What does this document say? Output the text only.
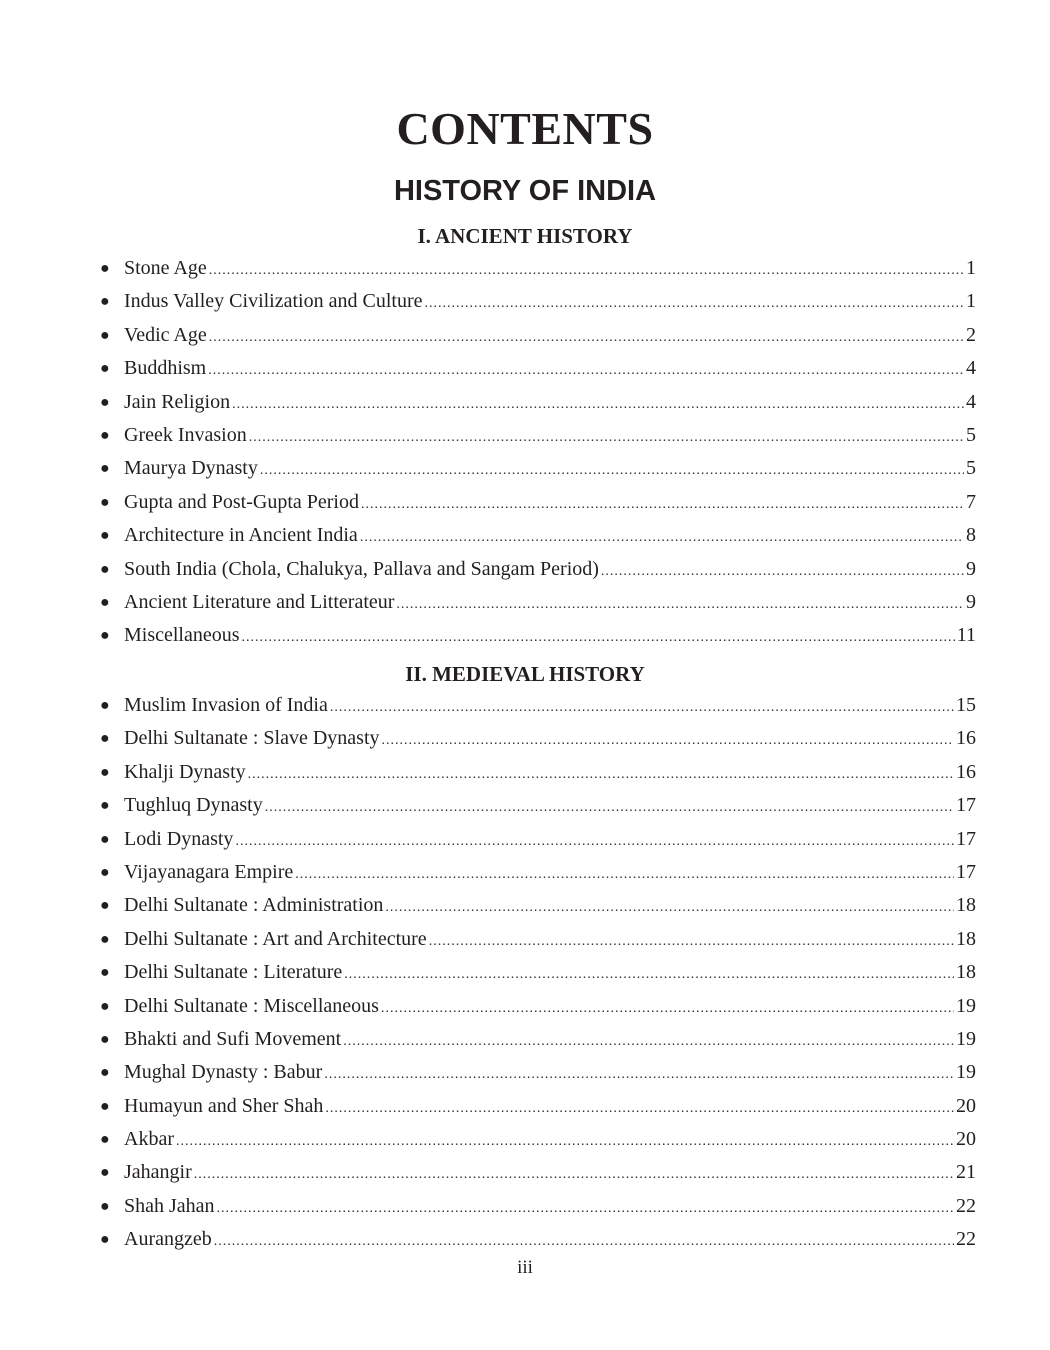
CONTENTS
HISTORY OF INDIA
I. ANCIENT HISTORY
● Stone Age .....	1
● Indus Valley Civilization and Culture .....	1
● Vedic Age .....	2
● Buddhism .....	4
● Jain Religion .....	4
● Greek Invasion .....	5
● Maurya Dynasty .....	5
● Gupta and Post-Gupta Period .....	7
● Architecture in Ancient India .....	8
● South India (Chola, Chalukya, Pallava and Sangam Period) .....	9
● Ancient Literature and Litterateur .....	9
● Miscellaneous .....	11
II. MEDIEVAL HISTORY
● Muslim Invasion of India .....	15
● Delhi Sultanate : Slave Dynasty .....	16
● Khalji Dynasty .....	16
● Tughluq Dynasty .....	17
● Lodi Dynasty .....	17
● Vijayanagara Empire .....	17
● Delhi Sultanate : Administration .....	18
● Delhi Sultanate : Art and Architecture .....	18
● Delhi Sultanate : Literature .....	18
● Delhi Sultanate : Miscellaneous .....	19
● Bhakti and Sufi Movement .....	19
● Mughal Dynasty : Babur .....	19
● Humayun and Sher Shah .....	20
● Akbar .....	20
● Jahangir .....	21
● Shah Jahan .....	22
● Aurangzeb .....	22
iii
